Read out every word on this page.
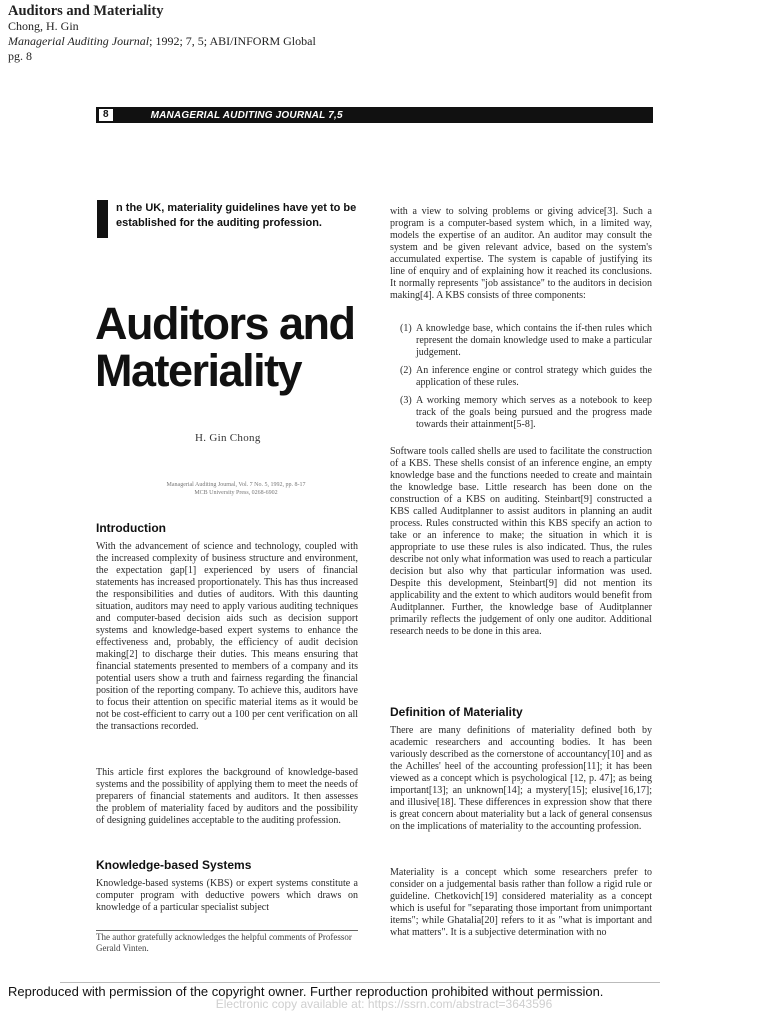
Auditors and Materiality
Chong, H. Gin
Managerial Auditing Journal; 1992; 7, 5; ABI/INFORM Global
pg. 8
8	MANAGERIAL AUDITING JOURNAL 7,5
n the UK, materiality guidelines have yet to be established for the auditing profession.
Auditors and Materiality
H. Gin Chong
Managerial Auditing Journal, Vol. 7 No. 5, 1992, pp. 8-17
MCB University Press, 0268-6902
Introduction
With the advancement of science and technology, coupled with the increased complexity of business structure and environment, the expectation gap[1] experienced by users of financial statements has increased proportionately. This has thus increased the responsibilities and duties of auditors. With this daunting situation, auditors may need to apply various auditing techniques and computer-based decision aids such as decision support systems and knowledge-based expert systems to enhance the effectiveness and, probably, the efficiency of audit decision making[2] to discharge their duties. This means ensuring that financial statements presented to members of a company and its potential users show a truth and fairness regarding the financial position of the reporting company. To achieve this, auditors have to focus their attention on specific material items as it would be not be cost-efficient to carry out a 100 per cent verification on all the transactions recorded.
This article first explores the background of knowledge-based systems and the possibility of applying them to meet the needs of preparers of financial statements and auditors. It then assesses the problem of materiality faced by auditors and the possibility of designing guidelines acceptable to the auditing profession.
Knowledge-based Systems
Knowledge-based systems (KBS) or expert systems constitute a computer program with deductive powers which draws on knowledge of a particular specialist subject
The author gratefully acknowledges the helpful comments of Professor Gerald Vinten.
with a view to solving problems or giving advice[3]. Such a program is a computer-based system which, in a limited way, models the expertise of an auditor. An auditor may consult the system and be given relevant advice, based on the system's accumulated expertise. The system is capable of justifying its line of enquiry and of explaining how it reached its conclusions. It normally represents "job assistance" to the auditors in decision making[4]. A KBS consists of three components:
(1) A knowledge base, which contains the if-then rules which represent the domain knowledge used to make a particular judgement.
(2) An inference engine or control strategy which guides the application of these rules.
(3) A working memory which serves as a notebook to keep track of the goals being pursued and the progress made towards their attainment[5-8].
Software tools called shells are used to facilitate the construction of a KBS. These shells consist of an inference engine, an empty knowledge base and the functions needed to create and maintain the knowledge base. Little research has been done on the construction of a KBS on auditing. Steinbart[9] constructed a KBS called Auditplanner to assist auditors in planning an audit process. Rules constructed within this KBS specify an action to take or an inference to make; the situation in which it is appropriate to use these rules is also indicated. Thus, the rules describe not only what information was used to reach a particular decision but also why that particular information was used. Despite this development, Steinbart[9] did not mention its applicability and the extent to which auditors would benefit from Auditplanner. Further, the knowledge base of Auditplanner primarily reflects the judgement of only one auditor. Additional research needs to be done in this area.
Definition of Materiality
There are many definitions of materiality defined both by academic researchers and accounting bodies. It has been variously described as the cornerstone of accountancy[10] and as the Achilles' heel of the accounting profession[11]; it has been viewed as a concept which is psychological [12, p. 47]; as being important[13]; an unknown[14]; a mystery[15]; elusive[16,17]; and illusive[18]. These differences in expression show that there is great concern about materiality but a lack of general consensus on the implications of materiality to the accounting profession.
Materiality is a concept which some researchers prefer to consider on a judgemental basis rather than follow a rigid rule or guideline. Chetkovich[19] considered materiality as a concept which is useful for "separating those important from unimportant items"; while Ghatalia[20] refers to it as "what is important and what matters". It is a subjective determination with no
Reproduced with permission of the copyright owner. Further reproduction prohibited without permission.
Electronic copy available at: https://ssrn.com/abstract=3643596
